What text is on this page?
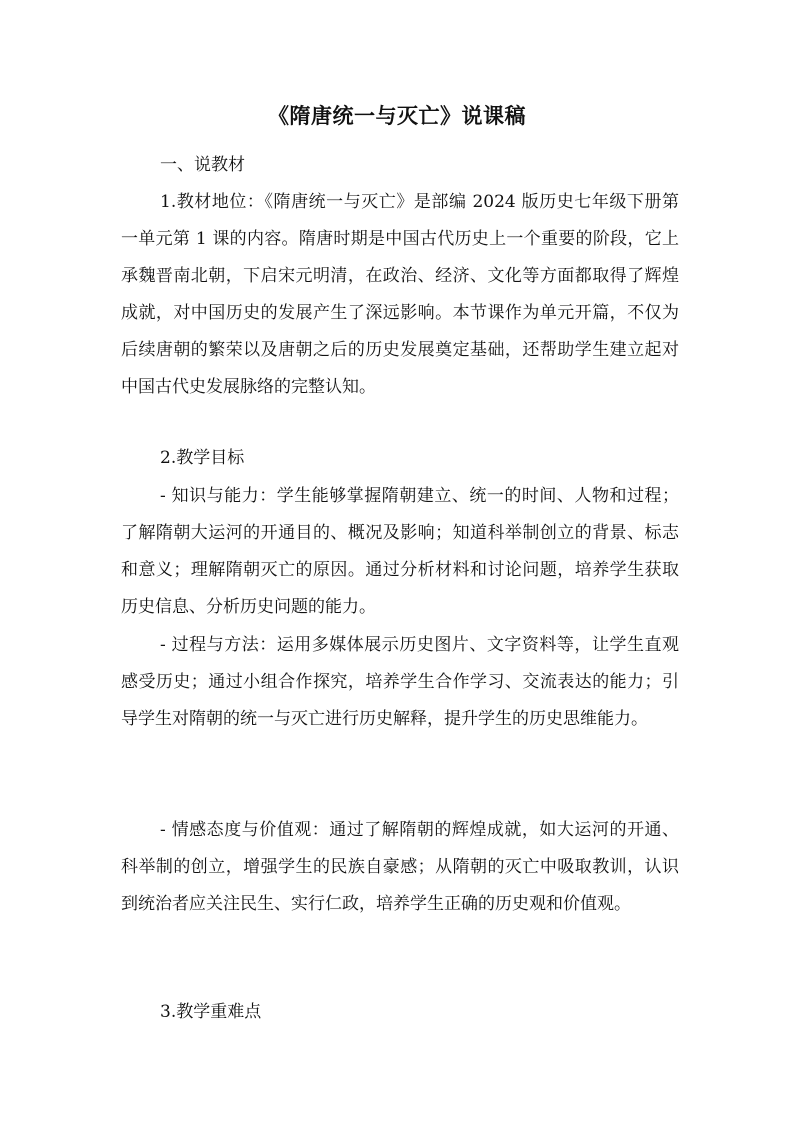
《隋唐统一与灭亡》说课稿
一、说教材

1.教材地位：《隋唐统一与灭亡》是部编 2024 版历史七年级下册第一单元第 1 课的内容。隋唐时期是中国古代历史上一个重要的阶段，它上承魏晋南北朝，下启宋元明清，在政治、经济、文化等方面都取得了辉煌成就，对中国历史的发展产生了深远影响。本节课作为单元开篇，不仅为后续唐朝的繁荣以及唐朝之后的历史发展奠定基础，还帮助学生建立起对中国古代史发展脉络的完整认知。

2.教学目标

- 知识与能力：学生能够掌握隋朝建立、统一的时间、人物和过程；了解隋朝大运河的开通目的、概况及影响；知道科举制创立的背景、标志和意义；理解隋朝灭亡的原因。通过分析材料和讨论问题，培养学生获取历史信息、分析历史问题的能力。

- 过程与方法：运用多媒体展示历史图片、文字资料等，让学生直观感受历史；通过小组合作探究，培养学生合作学习、交流表达的能力；引导学生对隋朝的统一与灭亡进行历史解释，提升学生的历史思维能力。

- 情感态度与价值观：通过了解隋朝的辉煌成就，如大运河的开通、科举制的创立，增强学生的民族自豪感；从隋朝的灭亡中吸取教训，认识到统治者应关注民生、实行仁政，培养学生正确的历史观和价值观。

3.教学重难点
